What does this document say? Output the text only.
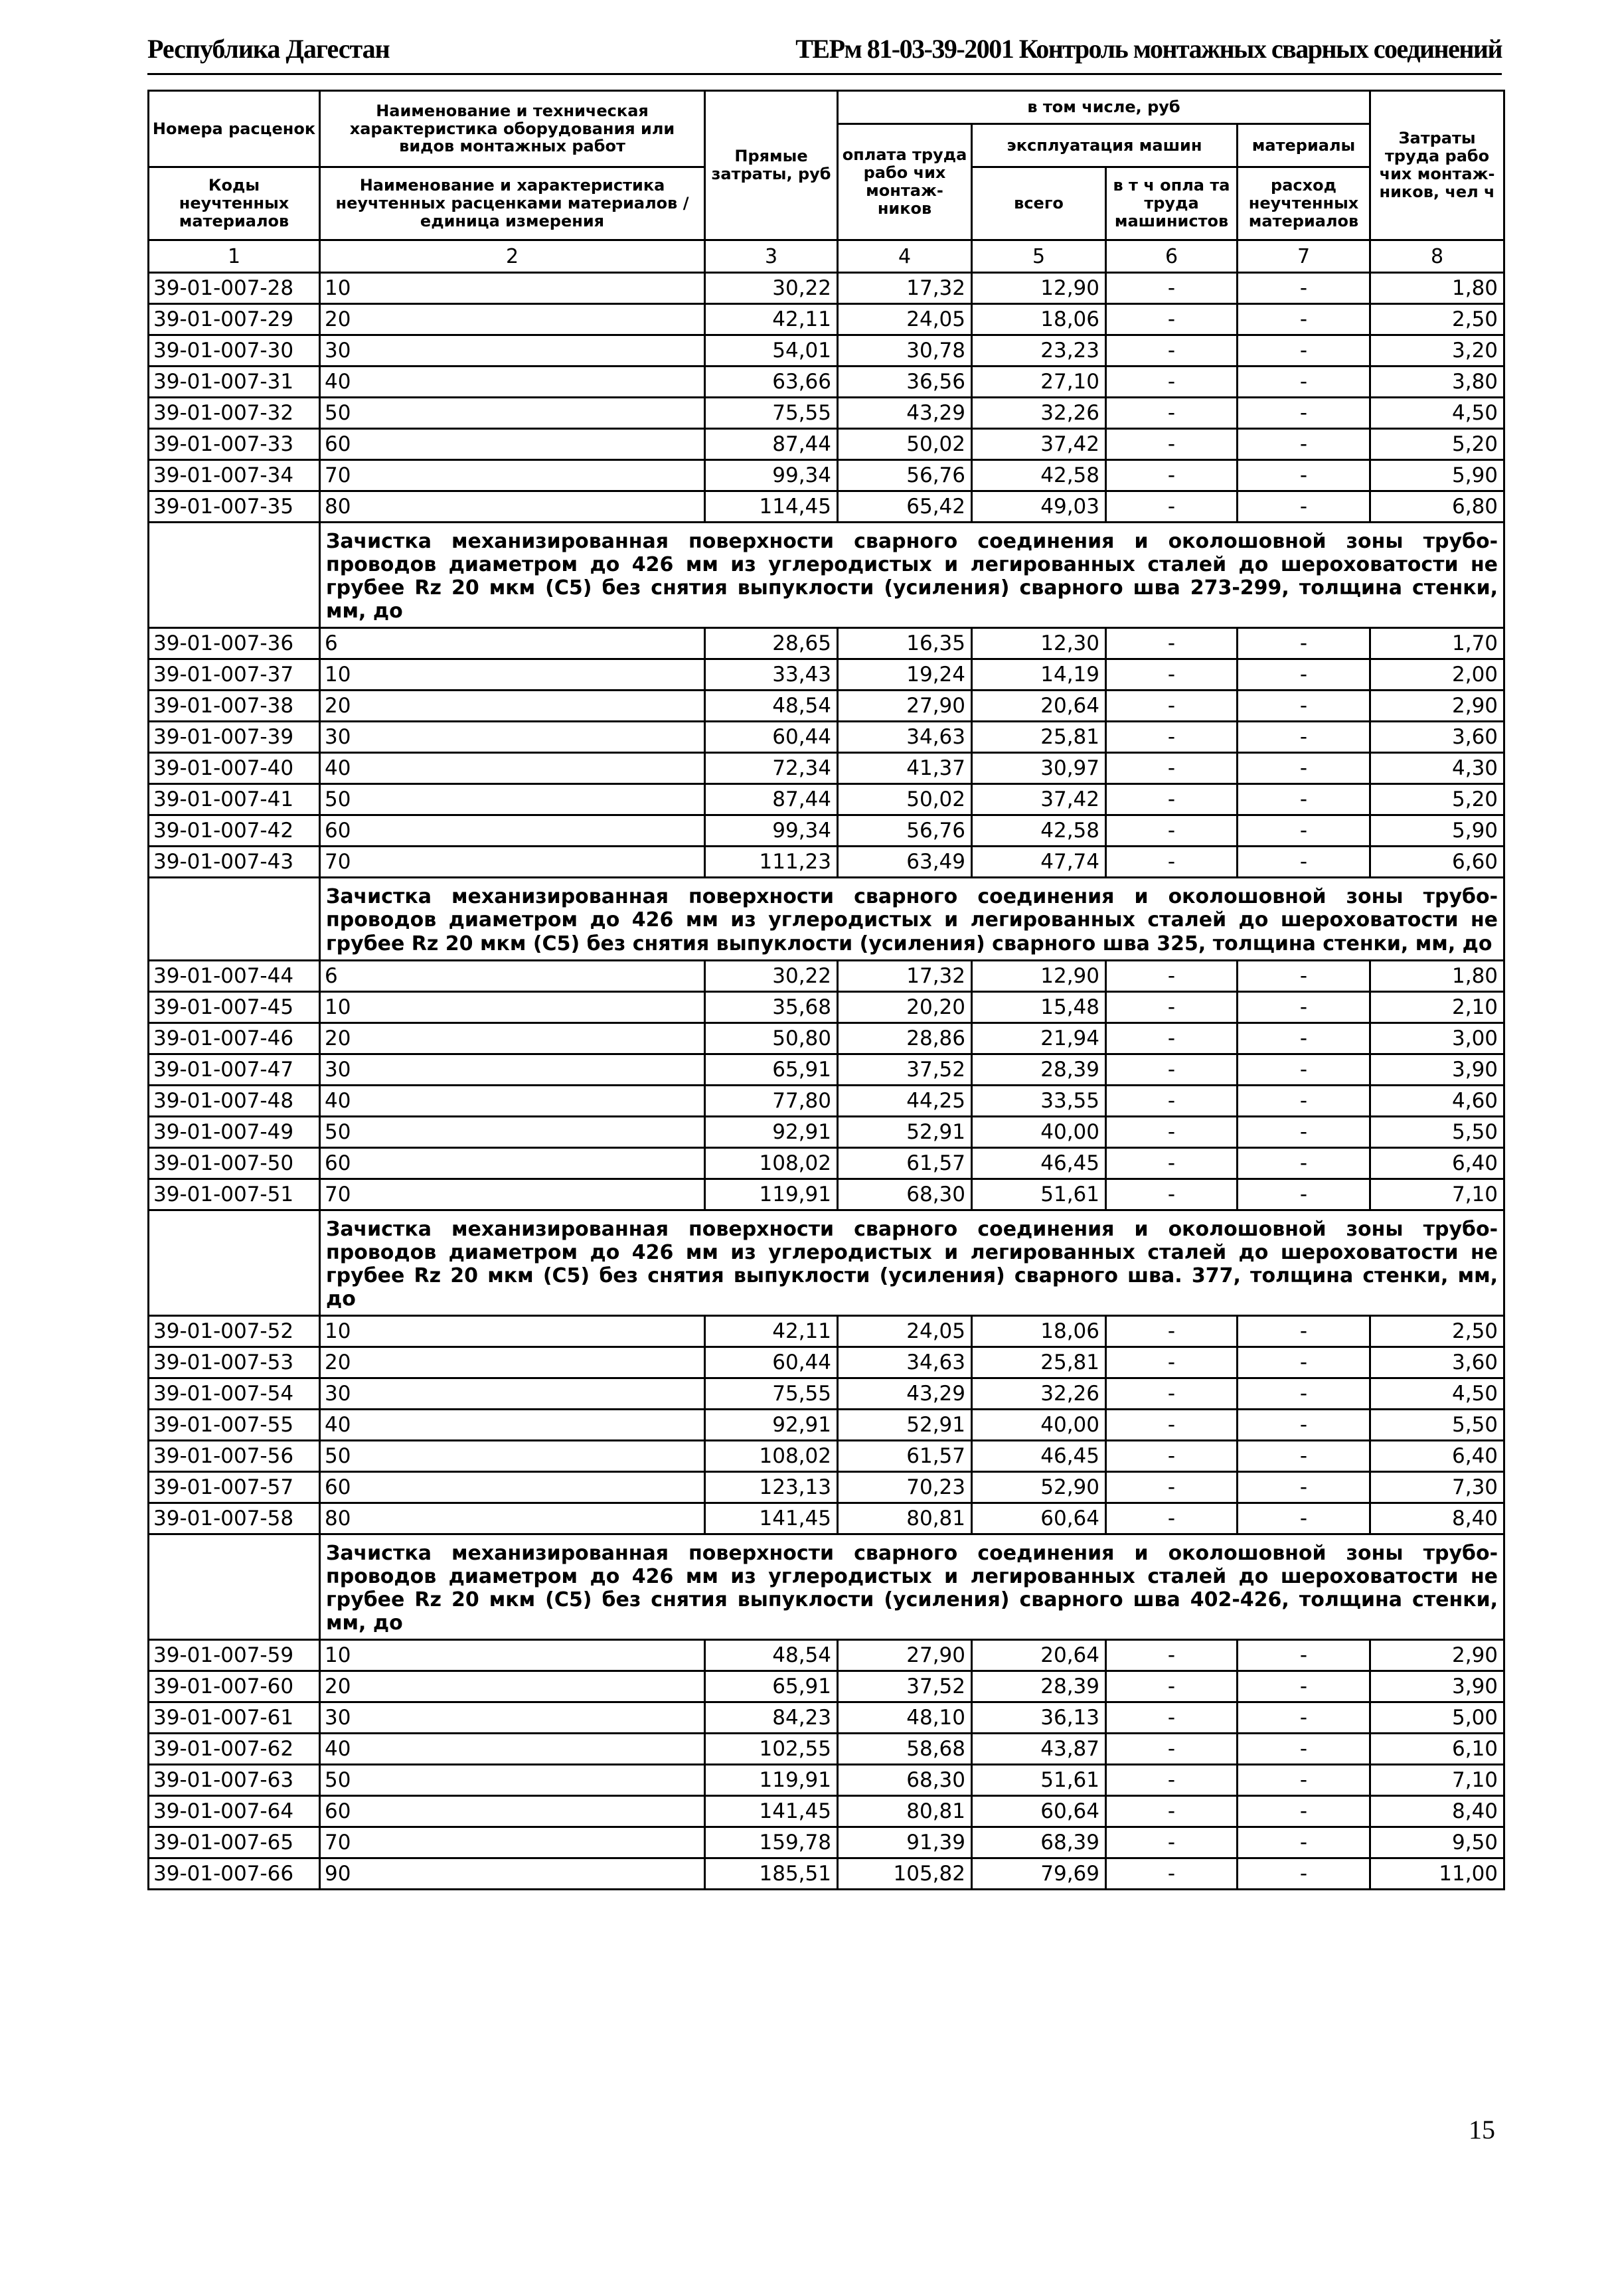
Республика Дагестан	ТЕРм 81-03-39-2001 Контроль монтажных сварных соединений
Номера расценок	Наименование и техническая характеристика оборудования или видов монтажных работ	Прямые затраты, руб	в том числе, руб				Затраты труда рабо чих монтаж-ников, чел ч
			оплата труда рабо чих монтаж-ников	эксплуатация машин		материалы	
Коды неучтенных материалов	Наименование и характеристика неучтенных расценками материалов / единица измерения			всего	в т ч опла та труда машинистов	расход неучтенных материалов	
1	2	3	4	5	6	7	8
39-01-007-28	10	30,22	17,32	12,90	-	-	1,80
39-01-007-29	20	42,11	24,05	18,06	-	-	2,50
39-01-007-30	30	54,01	30,78	23,23	-	-	3,20
39-01-007-31	40	63,66	36,56	27,10	-	-	3,80
39-01-007-32	50	75,55	43,29	32,26	-	-	4,50
39-01-007-33	60	87,44	50,02	37,42	-	-	5,20
39-01-007-34	70	99,34	56,76	42,58	-	-	5,90
39-01-007-35	80	114,45	65,42	49,03	-	-	6,80
	Зачистка механизированная поверхности сварного соединения и околошовной зоны трубо-проводов диаметром до 426 мм из углеродистых и легированных сталей до шероховатости не грубее Rz 20 мкм (С5) без снятия выпуклости (усиления) сварного шва 273-299, толщина стенки, мм, до						
39-01-007-36	6	28,65	16,35	12,30	-	-	1,70
39-01-007-37	10	33,43	19,24	14,19	-	-	2,00
39-01-007-38	20	48,54	27,90	20,64	-	-	2,90
39-01-007-39	30	60,44	34,63	25,81	-	-	3,60
39-01-007-40	40	72,34	41,37	30,97	-	-	4,30
39-01-007-41	50	87,44	50,02	37,42	-	-	5,20
39-01-007-42	60	99,34	56,76	42,58	-	-	5,90
39-01-007-43	70	111,23	63,49	47,74	-	-	6,60
	Зачистка механизированная поверхности сварного соединения и околошовной зоны трубо-проводов диаметром до 426 мм из углеродистых и легированных сталей до шероховатости не грубее Rz 20 мкм (С5) без снятия выпуклости (усиления) сварного шва 325, толщина стенки, мм, до						
39-01-007-44	6	30,22	17,32	12,90	-	-	1,80
39-01-007-45	10	35,68	20,20	15,48	-	-	2,10
39-01-007-46	20	50,80	28,86	21,94	-	-	3,00
39-01-007-47	30	65,91	37,52	28,39	-	-	3,90
39-01-007-48	40	77,80	44,25	33,55	-	-	4,60
39-01-007-49	50	92,91	52,91	40,00	-	-	5,50
39-01-007-50	60	108,02	61,57	46,45	-	-	6,40
39-01-007-51	70	119,91	68,30	51,61	-	-	7,10
	Зачистка механизированная поверхности сварного соединения и околошовной зоны трубо-проводов диаметром до 426 мм из углеродистых и легированных сталей до шероховатости не грубее Rz 20 мкм (С5) без снятия выпуклости (усиления) сварного шва. 377, толщина стенки, мм, до						
39-01-007-52	10	42,11	24,05	18,06	-	-	2,50
39-01-007-53	20	60,44	34,63	25,81	-	-	3,60
39-01-007-54	30	75,55	43,29	32,26	-	-	4,50
39-01-007-55	40	92,91	52,91	40,00	-	-	5,50
39-01-007-56	50	108,02	61,57	46,45	-	-	6,40
39-01-007-57	60	123,13	70,23	52,90	-	-	7,30
39-01-007-58	80	141,45	80,81	60,64	-	-	8,40
	Зачистка механизированная поверхности сварного соединения и околошовной зоны трубо-проводов диаметром до 426 мм из углеродистых и легированных сталей до шероховатости не грубее Rz 20 мкм (С5) без снятия выпуклости (усиления) сварного шва 402-426, толщина стенки, мм, до						
39-01-007-59	10	48,54	27,90	20,64	-	-	2,90
39-01-007-60	20	65,91	37,52	28,39	-	-	3,90
39-01-007-61	30	84,23	48,10	36,13	-	-	5,00
39-01-007-62	40	102,55	58,68	43,87	-	-	6,10
39-01-007-63	50	119,91	68,30	51,61	-	-	7,10
39-01-007-64	60	141,45	80,81	60,64	-	-	8,40
39-01-007-65	70	159,78	91,39	68,39	-	-	9,50
39-01-007-66	90	185,51	105,82	79,69	-	-	11,00
15
